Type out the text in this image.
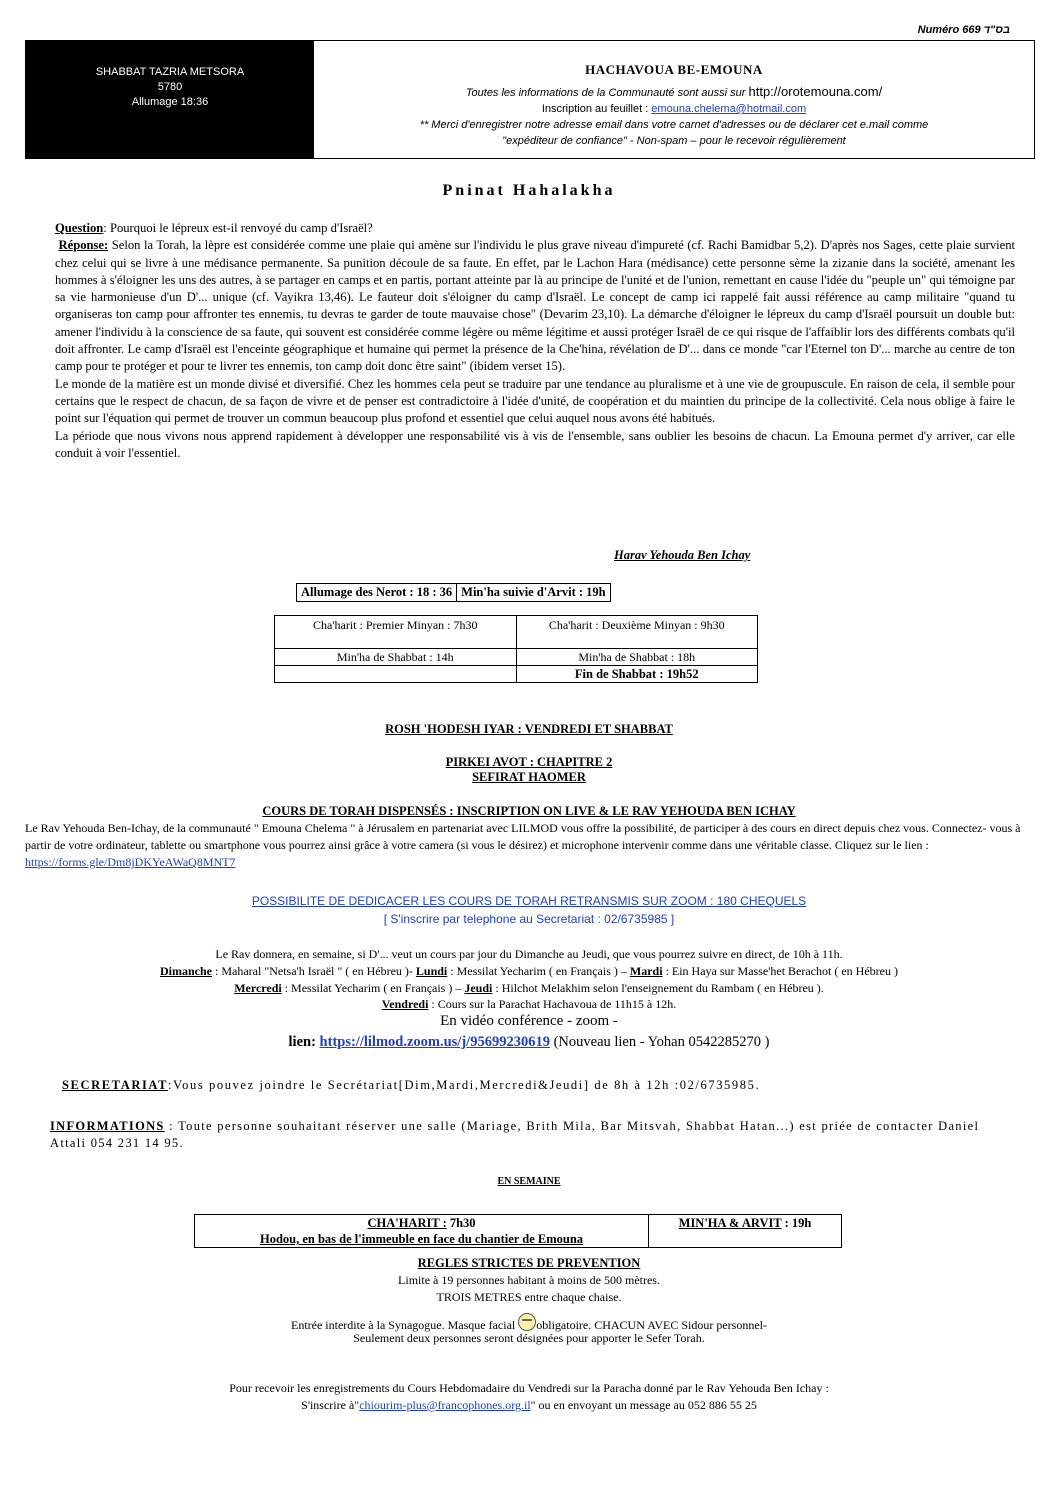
Numéro 669 בס"ד
SHABBAT TAZRIA METSORA
5780
Allumage 18:36
HACHAVOUA BE-EMOUNA
Toutes les informations de la Communauté sont aussi sur http://orotemouna.com/
Inscription au feuillet : emouna.chelema@hotmail.com
** Merci d'enregistrer notre adresse email dans votre carnet d'adresses ou de déclarer cet e.mail comme
"expéditeur de confiance" - Non-spam – pour le recevoir régulièrement
Pninat Hahalakha

Question: Pourquoi le lépreux est-il renvoyé du camp d'Israël?

Réponse: Selon la Torah, la lèpre est considérée comme une plaie qui amène sur l'individu le plus grave niveau d'impureté (cf. Rachi Bamidbar 5,2). D'après nos Sages, cette plaie survient chez celui qui se livre à une médisance permanente. Sa punition découle de sa faute. En effet, par le Lachon Hara (médisance) cette personne sème la zizanie dans la société, amenant les hommes à s'éloigner les uns des autres, à se partager en camps et en partis, portant atteinte par là au principe de l'unité et de l'union, remettant en cause l'idée du "peuple un" qui témoigne par sa vie harmonieuse d'un D'... unique (cf. Vayikra 13,46). Le fauteur doit s'éloigner du camp d'Israël. Le concept de camp ici rappelé fait aussi référence au camp militaire "quand tu organiseras ton camp pour affronter tes ennemis, tu devras te garder de toute mauvaise chose" (Devarim 23,10). La démarche d'éloigner le lépreux du camp d'Israël poursuit un double but: amener l'individu à la conscience de sa faute, qui souvent est considérée comme légère ou même légitime et aussi protéger Israël de ce qui risque de l'affaiblir lors des différents combats qu'il doit affronter. Le camp d'Israël est l'enceinte géographique et humaine qui permet la présence de la Che'hina, révélation de D'... dans ce monde "car l'Eternel ton D'... marche au centre de ton camp pour te protéger et pour te livrer tes ennemis, ton camp doit donc être saint" (ibidem verset 15).

Le monde de la matière est un monde divisé et diversifié. Chez les hommes cela peut se traduire par une tendance au pluralisme et à une vie de groupuscule. En raison de cela, il semble pour certains que le respect de chacun, de sa façon de vivre et de penser est contradictoire à l'idée d'unité, de coopération et du maintien du principe de la collectivité. Cela nous oblige à faire le point sur l'équation qui permet de trouver un commun beaucoup plus profond et essentiel que celui auquel nous avons été habitués.

La période que nous vivons nous apprend rapidement à développer une responsabilité vis à vis de l'ensemble, sans oublier les besoins de chacun. La Emouna permet d'y arriver, car elle conduit à voir l'essentiel.

Harav Yehouda Ben Ichay
Allumage des Nerot : 18 : 36	Min'ha suivie d'Arvit : 19h
Cha'harit : Premier Minyan : 7h30	Cha'harit : Deuxième Minyan : 9h30
Min'ha de Shabbat : 14h	Min'ha de Shabbat : 18h
	Fin de Shabbat : 19h52
ROSH 'HODESH IYAR : VENDREDI ET SHABBAT
PIRKEI AVOT : CHAPITRE 2
SEFIRAT HAOMER
COURS DE TORAH DISPENSÉS : INSCRIPTION ON LIVE & LE RAV YEHOUDA BEN ICHAY
Le Rav Yehouda Ben-Ichay, de la communauté " Emouna Chelema " à Jérusalem en partenariat avec LILMOD vous offre la possibilité, de participer à des cours en direct depuis chez vous. Connectez- vous à partir de votre ordinateur, tablette ou smartphone vous pourrez ainsi grâce à votre camera (si vous le désirez) et microphone intervenir comme dans une véritable classe. Cliquez sur le lien : https://forms.gle/Dm8jDKYeAWaQ8MNT7
POSSIBILITE DE DEDICACER LES COURS DE TORAH RETRANSMIS SUR ZOOM : 180 CHEQUELS
[ S'inscrire par telephone au Secretariat : 02/6735985 ]
Le Rav donnera, en semaine, si D'... veut un cours par jour du Dimanche au Jeudi, que vous pourrez suivre en direct, de 10h à 11h.
Dimanche : Maharal "Netsa'h Israël " ( en Hébreu )- Lundi : Messilat Yecharim ( en Français ) – Mardi : Ein Haya sur Masse'het Berachot ( en Hébreu )
Mercredi : Messilat Yecharim ( en Français ) – Jeudi : Hilchot Melakhim selon l'enseignement du Rambam ( en Hébreu ).
Vendredi : Cours sur la Parachat Hachavoua de 11h15 à 12h.
En vidéo conférence - zoom -
lien: https://lilmod.zoom.us/j/95699230619 (Nouveau lien - Yohan 0542285270 )
SECRETARIAT:Vous pouvez joindre le Secrétariat[Dim,Mardi,Mercredi&Jeudi] de 8h à 12h :02/6735985.
INFORMATIONS : Toute personne souhaitant réserver une salle (Mariage, Brith Mila, Bar Mitsvah, Shabbat Hatan...) est priée de contacter Daniel Attali 054 231 14 95.
EN SEMAINE
CHA'HARIT : 7h30
Hodou, en bas de l'immeuble en face du chantier de Emouna
	MIN'HA & ARVIT : 19h
REGLES STRICTES DE PREVENTION
Limite à 19 personnes habitant à moins de 500 mètres.
TROIS METRES entre chaque chaise.
Entrée interdite à la Synagogue. Masque facial obligatoire. CHACUN AVEC Sidour personnel-
Seulement deux personnes seront désignées pour apporter le Sefer Torah.
Pour recevoir les enregistrements du Cours Hebdomadaire du Vendredi sur la Paracha donné par le Rav Yehouda Ben Ichay :
S'inscrire à"chiourim-plus@francophones.org.il" ou en envoyant un message au 052 886 55 25
